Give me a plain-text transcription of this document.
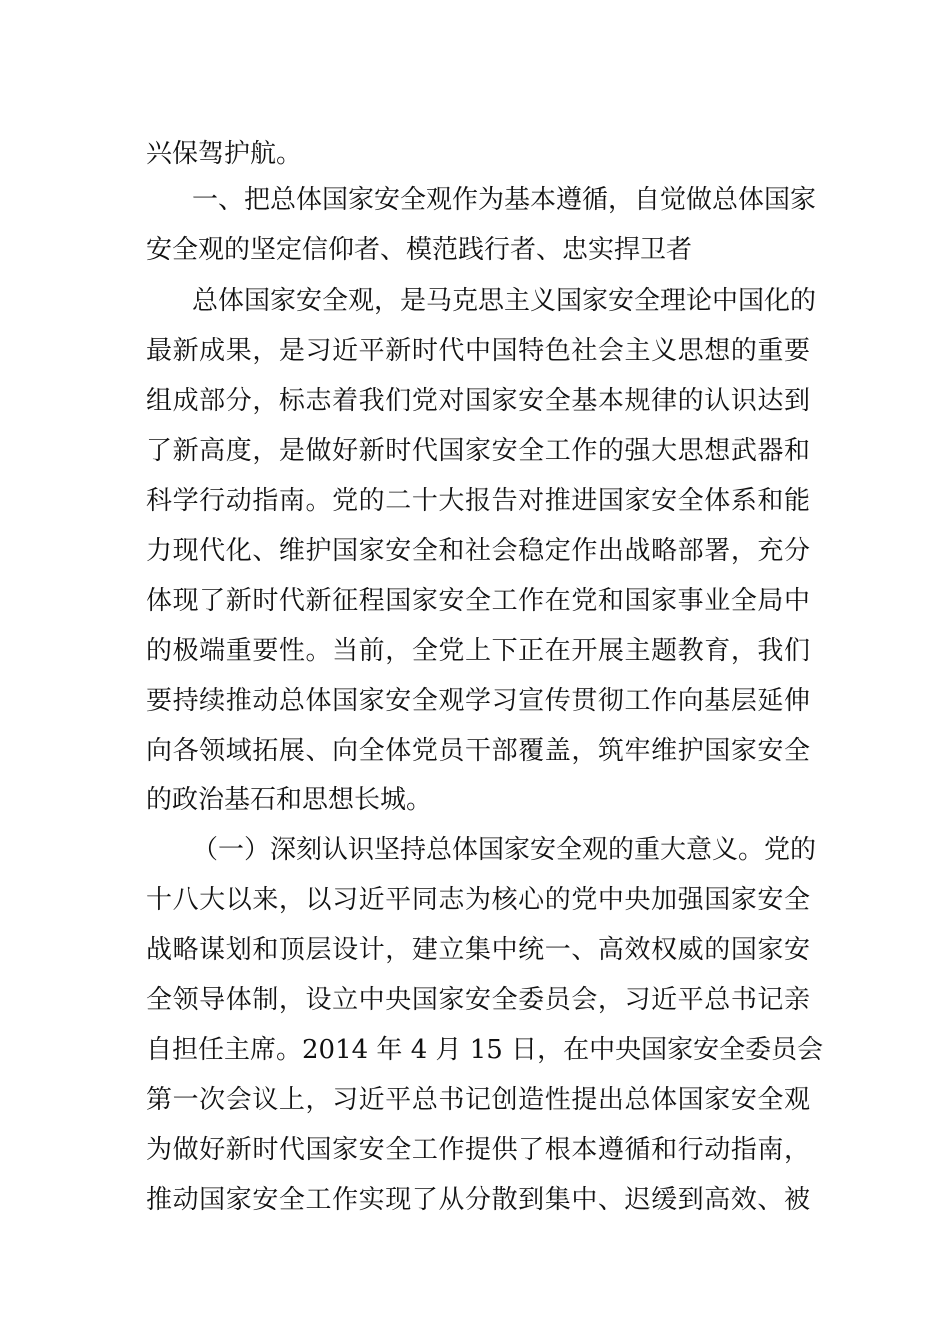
兴保驾护航。
一、把总体国家安全观作为基本遵循，自觉做总体国家
安全观的坚定信仰者、模范践行者、忠实捍卫者
总体国家安全观，是马克思主义国家安全理论中国化的
最新成果，是习近平新时代中国特色社会主义思想的重要
组成部分，标志着我们党对国家安全基本规律的认识达到
了新高度，是做好新时代国家安全工作的强大思想武器和
科学行动指南。党的二十大报告对推进国家安全体系和能
力现代化、维护国家安全和社会稳定作出战略部署，充分
体现了新时代新征程国家安全工作在党和国家事业全局中
的极端重要性。当前，全党上下正在开展主题教育，我们
要持续推动总体国家安全观学习宣传贯彻工作向基层延伸
向各领域拓展、向全体党员干部覆盖，筑牢维护国家安全
的政治基石和思想长城。
（一）深刻认识坚持总体国家安全观的重大意义。党的
十八大以来，以习近平同志为核心的党中央加强国家安全
战略谋划和顶层设计，建立集中统一、高效权威的国家安
全领导体制，设立中央国家安全委员会，习近平总书记亲
自担任主席。2014 年 4 月 15 日，在中央国家安全委员会
第一次会议上，习近平总书记创造性提出总体国家安全观
为做好新时代国家安全工作提供了根本遵循和行动指南，
推动国家安全工作实现了从分散到集中、迟缓到高效、被
